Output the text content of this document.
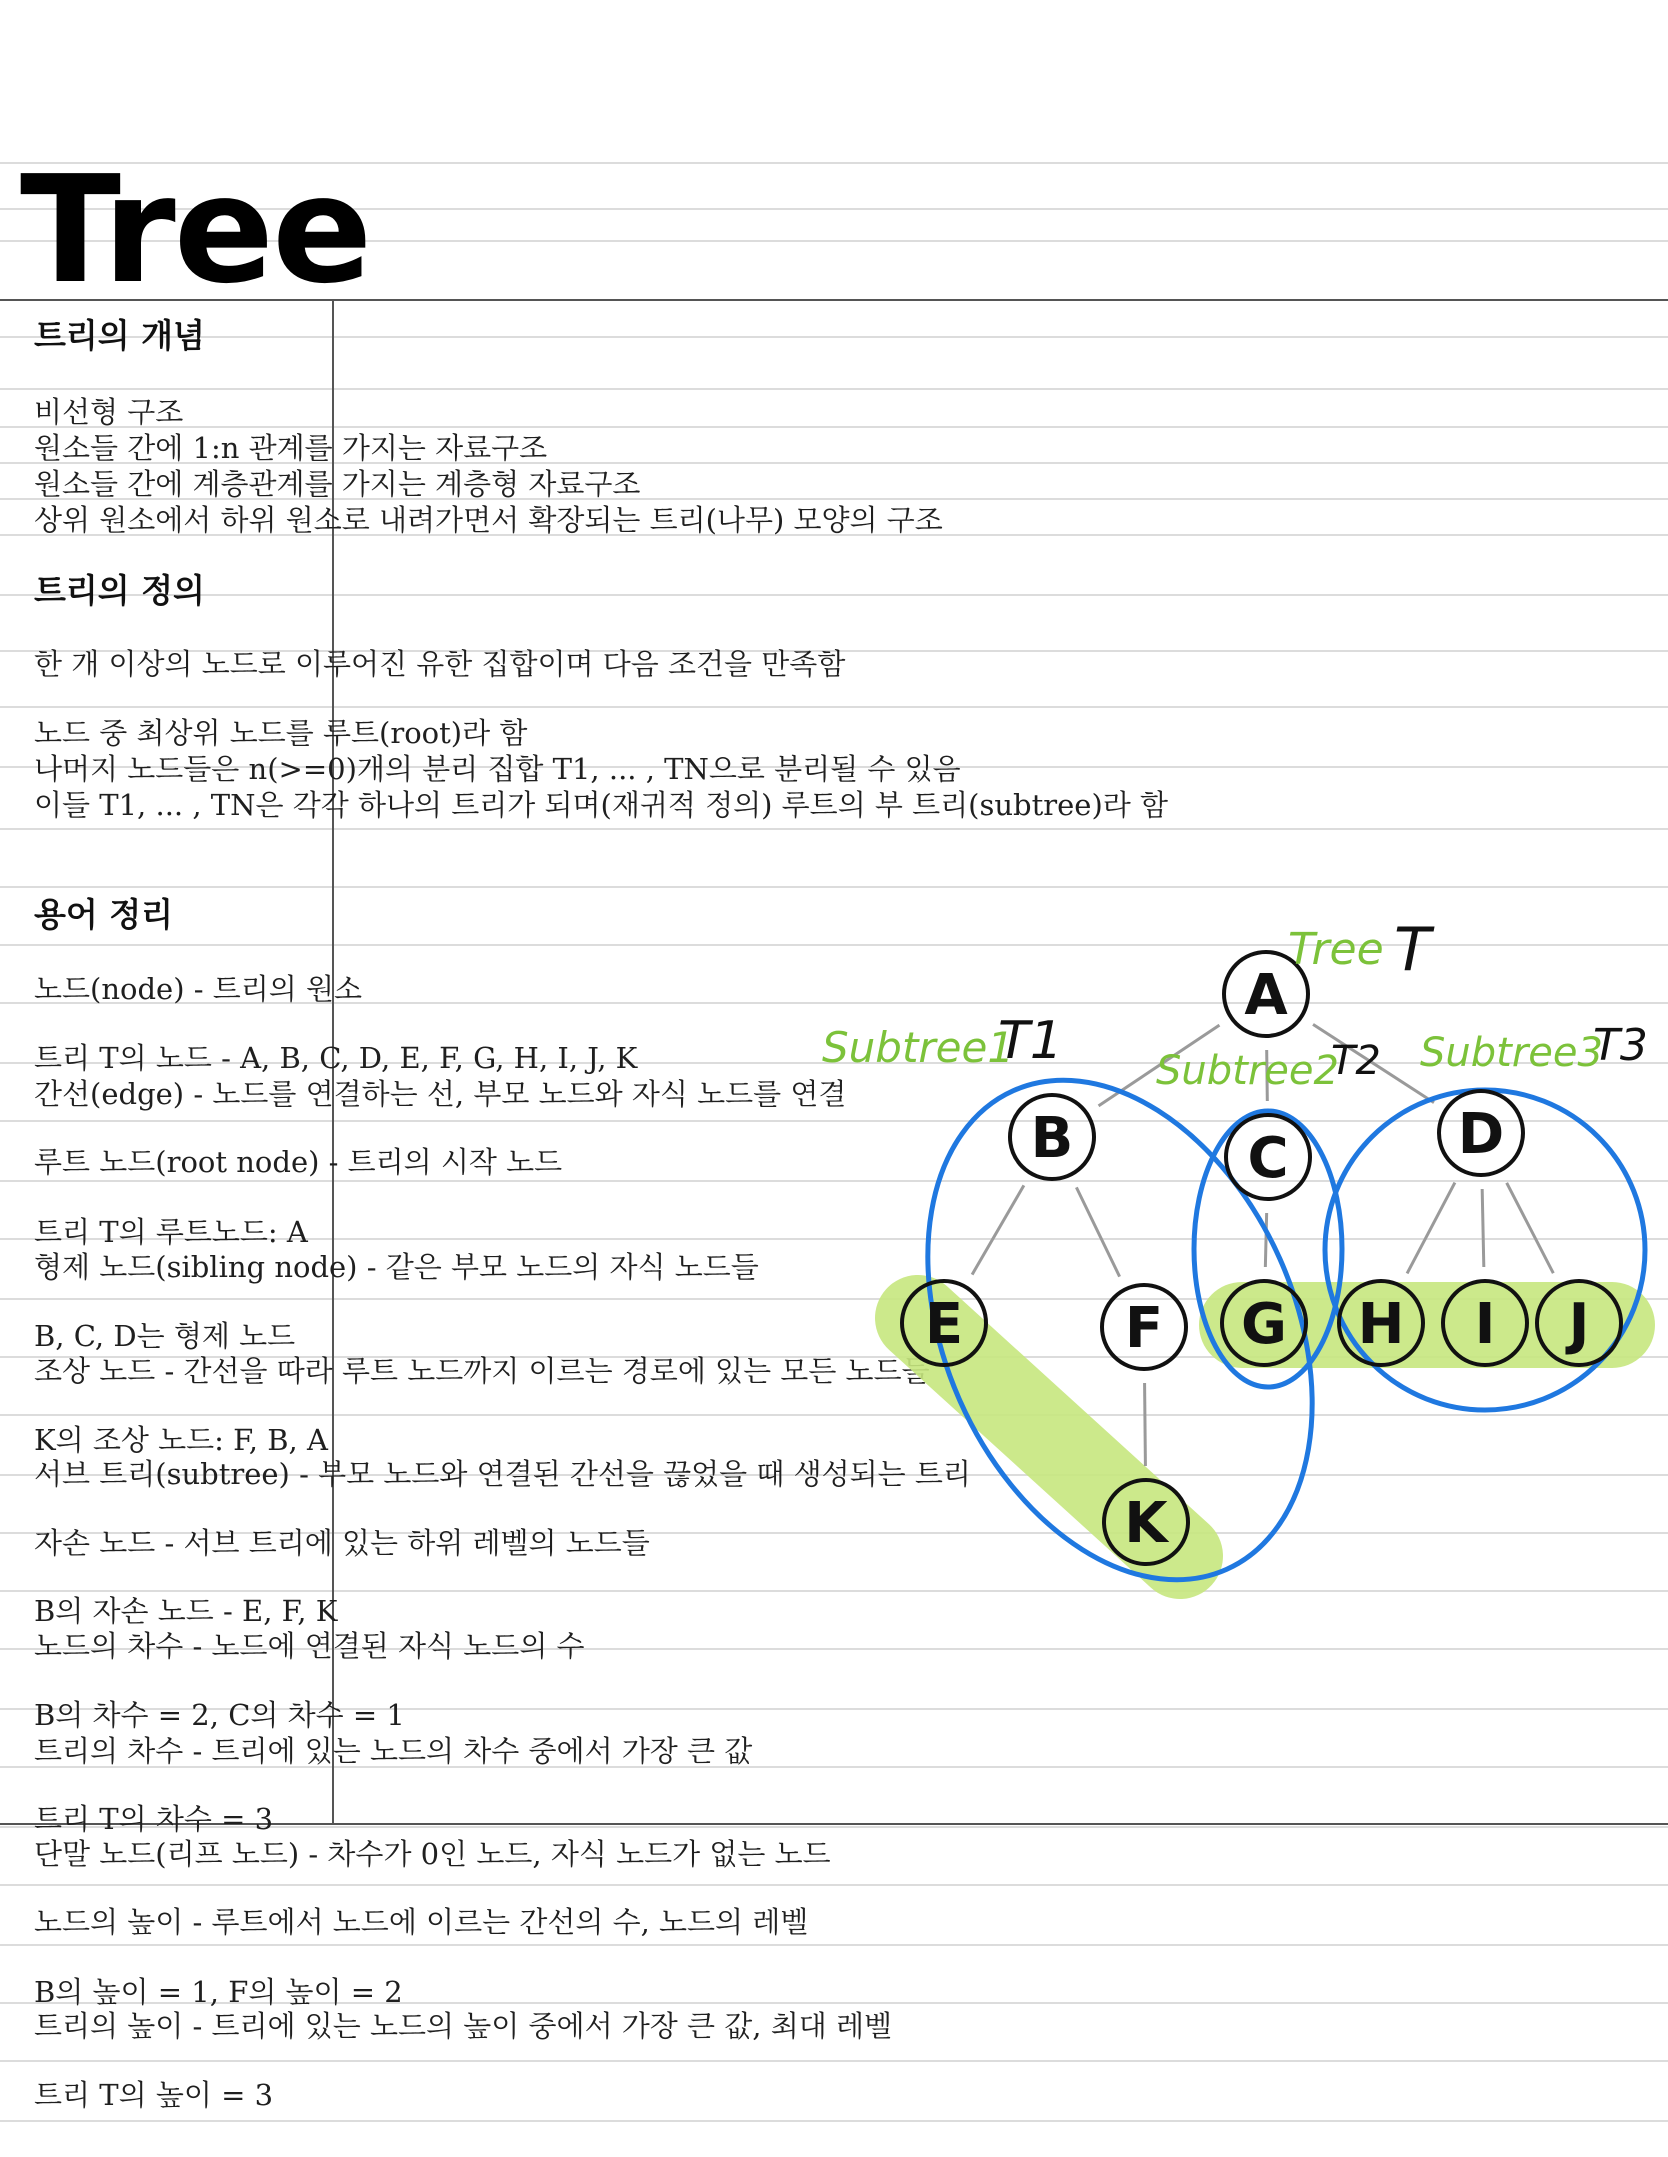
Tree
트리의 개념
비선형 구조
원소들 간에 1:n 관계를 가지는 자료구조
원소들 간에 계층관계를 가지는 계층형 자료구조
상위 원소에서 하위 원소로 내려가면서 확장되는 트리(나무) 모양의 구조
트리의 정의
한 개 이상의 노드로 이루어진 유한 집합이며 다음 조건을 만족함
노드 중 최상위 노드를 루트(root)라 함
나머지 노드들은 n(>=0)개의 분리 집합 T1, ... , TN으로 분리될 수 있음
이들 T1, ... , TN은 각각 하나의 트리가 되며(재귀적 정의) 루트의 부 트리(subtree)라 함
용어 정리
노드(node) - 트리의 원소
트리 T의 노드 - A, B, C, D, E, F, G, H, I, J, K
간선(edge) - 노드를 연결하는 선, 부모 노드와 자식 노드를 연결
루트 노드(root node) - 트리의 시작 노드
트리 T의 루트노드: A
형제 노드(sibling node) - 같은 부모 노드의 자식 노드들
B, C, D는 형제 노드
조상 노드 - 간선을 따라 루트 노드까지 이르는 경로에 있는 모든 노드들
K의 조상 노드: F, B, A
서브 트리(subtree) - 부모 노드와 연결된 간선을 끊었을 때 생성되는 트리
자손 노드 - 서브 트리에 있는 하위 레벨의 노드들
B의 자손 노드 - E, F, K
노드의 차수 - 노드에 연결된 자식 노드의 수
B의 차수 = 2, C의 차수 = 1
트리의 차수 - 트리에 있는 노드의 차수 중에서 가장 큰 값
트리 T의 차수 = 3
단말 노드(리프 노드) - 차수가 0인 노드, 자식 노드가 없는 노드
노드의 높이 - 루트에서 노드에 이르는 간선의 수, 노드의 레벨
B의 높이 = 1, F의 높이 = 2
트리의 높이 - 트리에 있는 노드의 높이 중에서 가장 큰 값, 최대 레벨
트리 T의 높이 = 3
A
B	C	D
E	F G H I J
K
Tree T
Subtree1
T1 Subtree2
T2 Subtree3
T3
